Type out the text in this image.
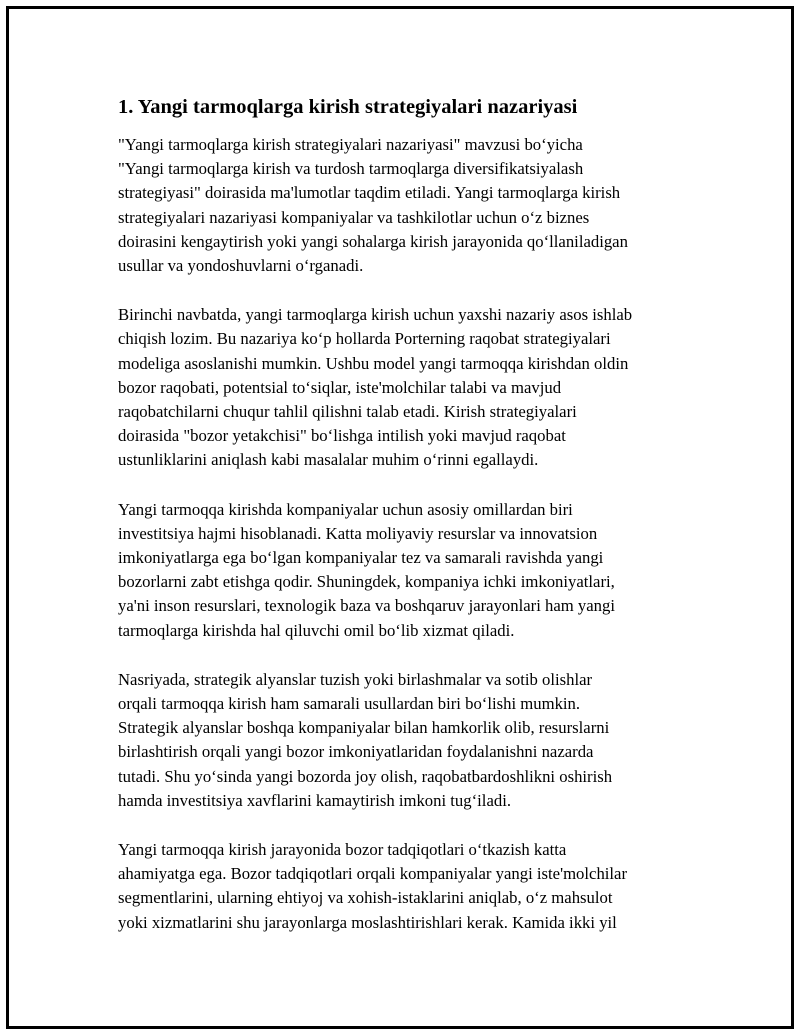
1. Yangi tarmoqlarga kirish strategiyalari nazariyasi

"Yangi tarmoqlarga kirish strategiyalari nazariyasi" mavzusi bo‘yicha
"Yangi tarmoqlarga kirish va turdosh tarmoqlarga diversifikatsiyalash
strategiyasi" doirasida ma'lumotlar taqdim etiladi. Yangi tarmoqlarga kirish
strategiyalari nazariyasi kompaniyalar va tashkilotlar uchun o‘z biznes
doirasini kengaytirish yoki yangi sohalarga kirish jarayonida qo‘llaniladigan
usullar va yondoshuvlarni o‘rganadi.

Birinchi navbatda, yangi tarmoqlarga kirish uchun yaxshi nazariy asos ishlab
chiqish lozim. Bu nazariya ko‘p hollarda Porterning raqobat strategiyalari
modeliga asoslanishi mumkin. Ushbu model yangi tarmoqqa kirishdan oldin
bozor raqobati, potentsial to‘siqlar, iste'molchilar talabi va mavjud
raqobatchilarni chuqur tahlil qilishni talab etadi. Kirish strategiyalari
doirasida "bozor yetakchisi" bo‘lishga intilish yoki mavjud raqobat
ustunliklarini aniqlash kabi masalalar muhim o‘rinni egallaydi.

Yangi tarmoqqa kirishda kompaniyalar uchun asosiy omillardan biri
investitsiya hajmi hisoblanadi. Katta moliyaviy resurslar va innovatsion
imkoniyatlarga ega bo‘lgan kompaniyalar tez va samarali ravishda yangi
bozorlarni zabt etishga qodir. Shuningdek, kompaniya ichki imkoniyatlari,
ya'ni inson resurslari, texnologik baza va boshqaruv jarayonlari ham yangi
tarmoqlarga kirishda hal qiluvchi omil bo‘lib xizmat qiladi.

Nasriyada, strategik alyanslar tuzish yoki birlashmalar va sotib olishlar
orqali tarmoqqa kirish ham samarali usullardan biri bo‘lishi mumkin.
Strategik alyanslar boshqa kompaniyalar bilan hamkorlik olib, resurslarni
birlashtirish orqali yangi bozor imkoniyatlaridan foydalanishni nazarda
tutadi. Shu yo‘sinda yangi bozorda joy olish, raqobatbardoshlikni oshirish
hamda investitsiya xavflarini kamaytirish imkoni tug‘iladi.

Yangi tarmoqqa kirish jarayonida bozor tadqiqotlari o‘tkazish katta
ahamiyatga ega. Bozor tadqiqotlari orqali kompaniyalar yangi iste'molchilar
segmentlarini, ularning ehtiyoj va xohish-istaklarini aniqlab, o‘z mahsulot
yoki xizmatlarini shu jarayonlarga moslashtirishlari kerak. Kamida ikki yil
